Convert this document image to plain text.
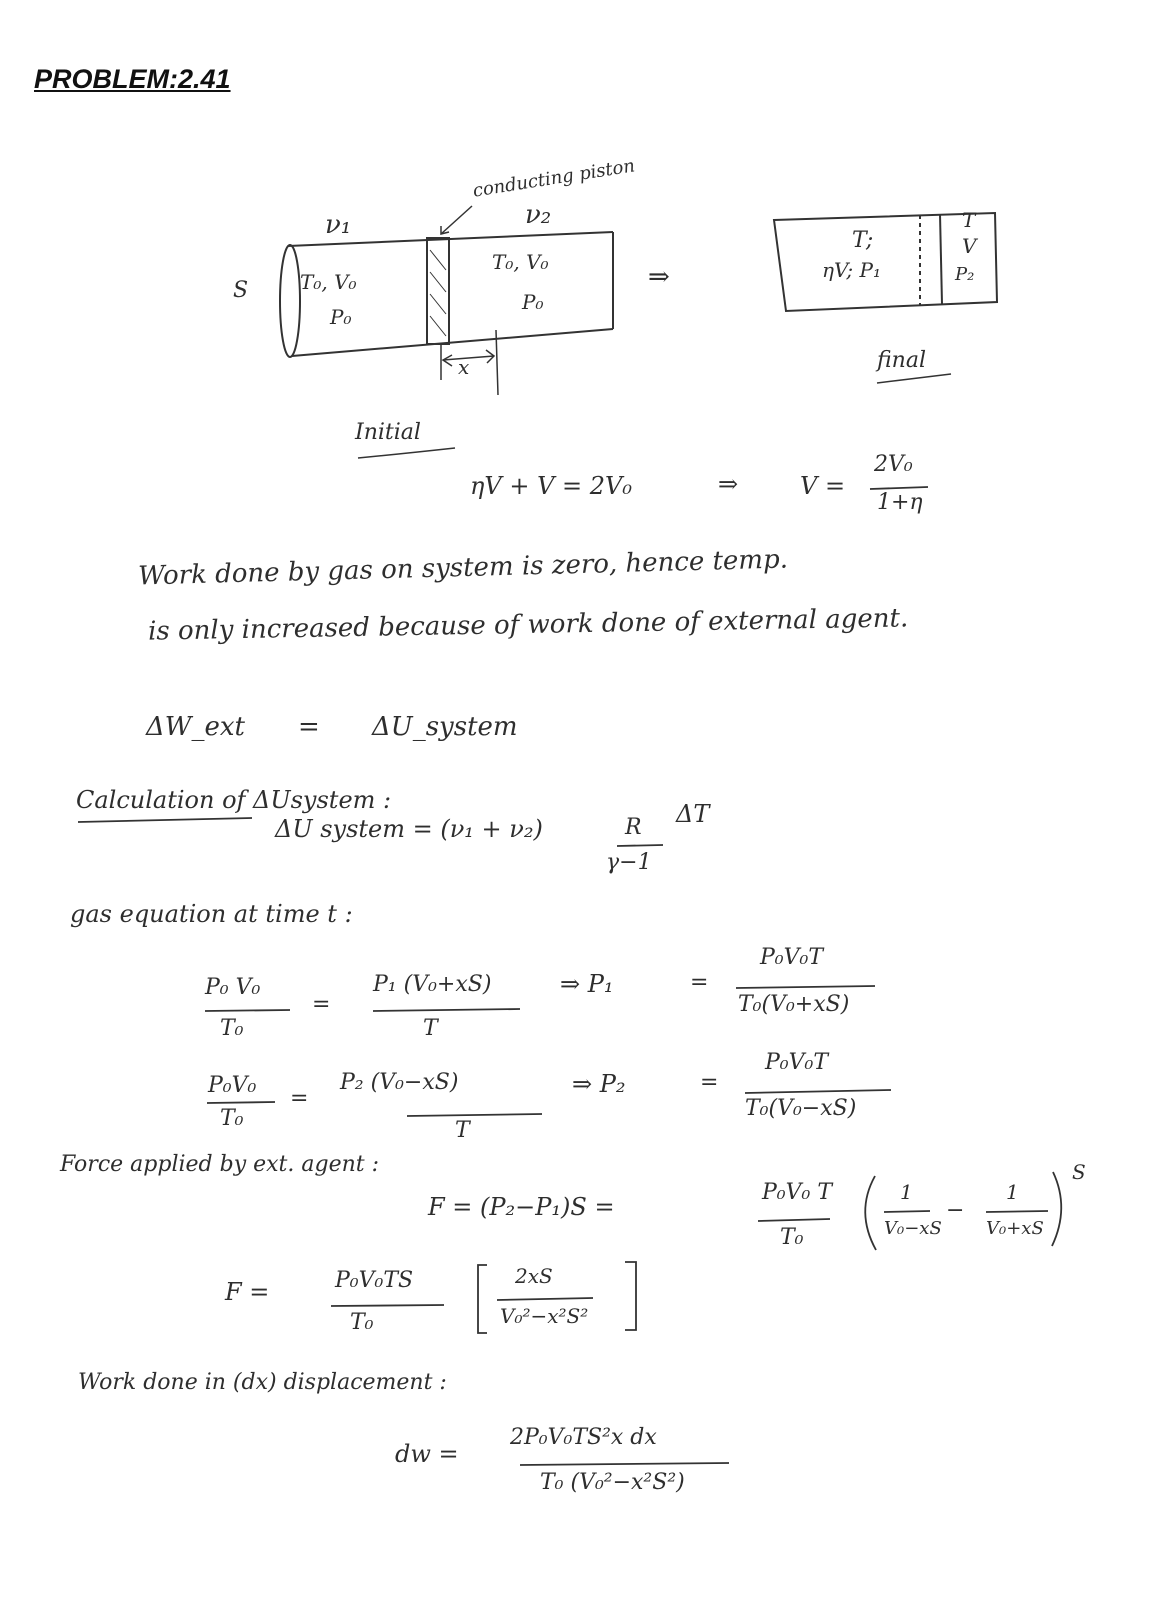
PROBLEM:2.41
S
ν₁	ν₂
T₀, V₀
P₀
T₀, V₀
P₀
conducting piston
x
Initial
⇒
T;
ηV; P₁
T
V
P₂
final
ηV + V = 2V₀	⇒	V =
2V₀
1+η
Work done by gas on system is zero, hence temp.
is only increased because of work done of external agent.
ΔW_ext = ΔU_system
Calculation of ΔUsystem :
ΔU system = (ν₁ + ν₂)	R
γ−1
ΔT
gas equation at time t :
P₀ V₀
T₀
=
P₁ (V₀+xS)
T
⇒ P₁	=
P₀V₀T
T₀(V₀+xS)
P₀V₀
T₀
=
P₂ (V₀−xS)
T
⇒ P₂	=
P₀V₀T
T₀(V₀−xS)
Force applied by ext. agent :
F = (P₂−P₁)S =
P₀V₀ T
T₀
1
V₀−xS
−
1
V₀+xS
S
F =	P₀V₀TS
T₀
2xS
V₀²−x²S²
Work done in (dx) displacement :
dw =
2P₀V₀TS²x dx
T₀ (V₀²−x²S²)
